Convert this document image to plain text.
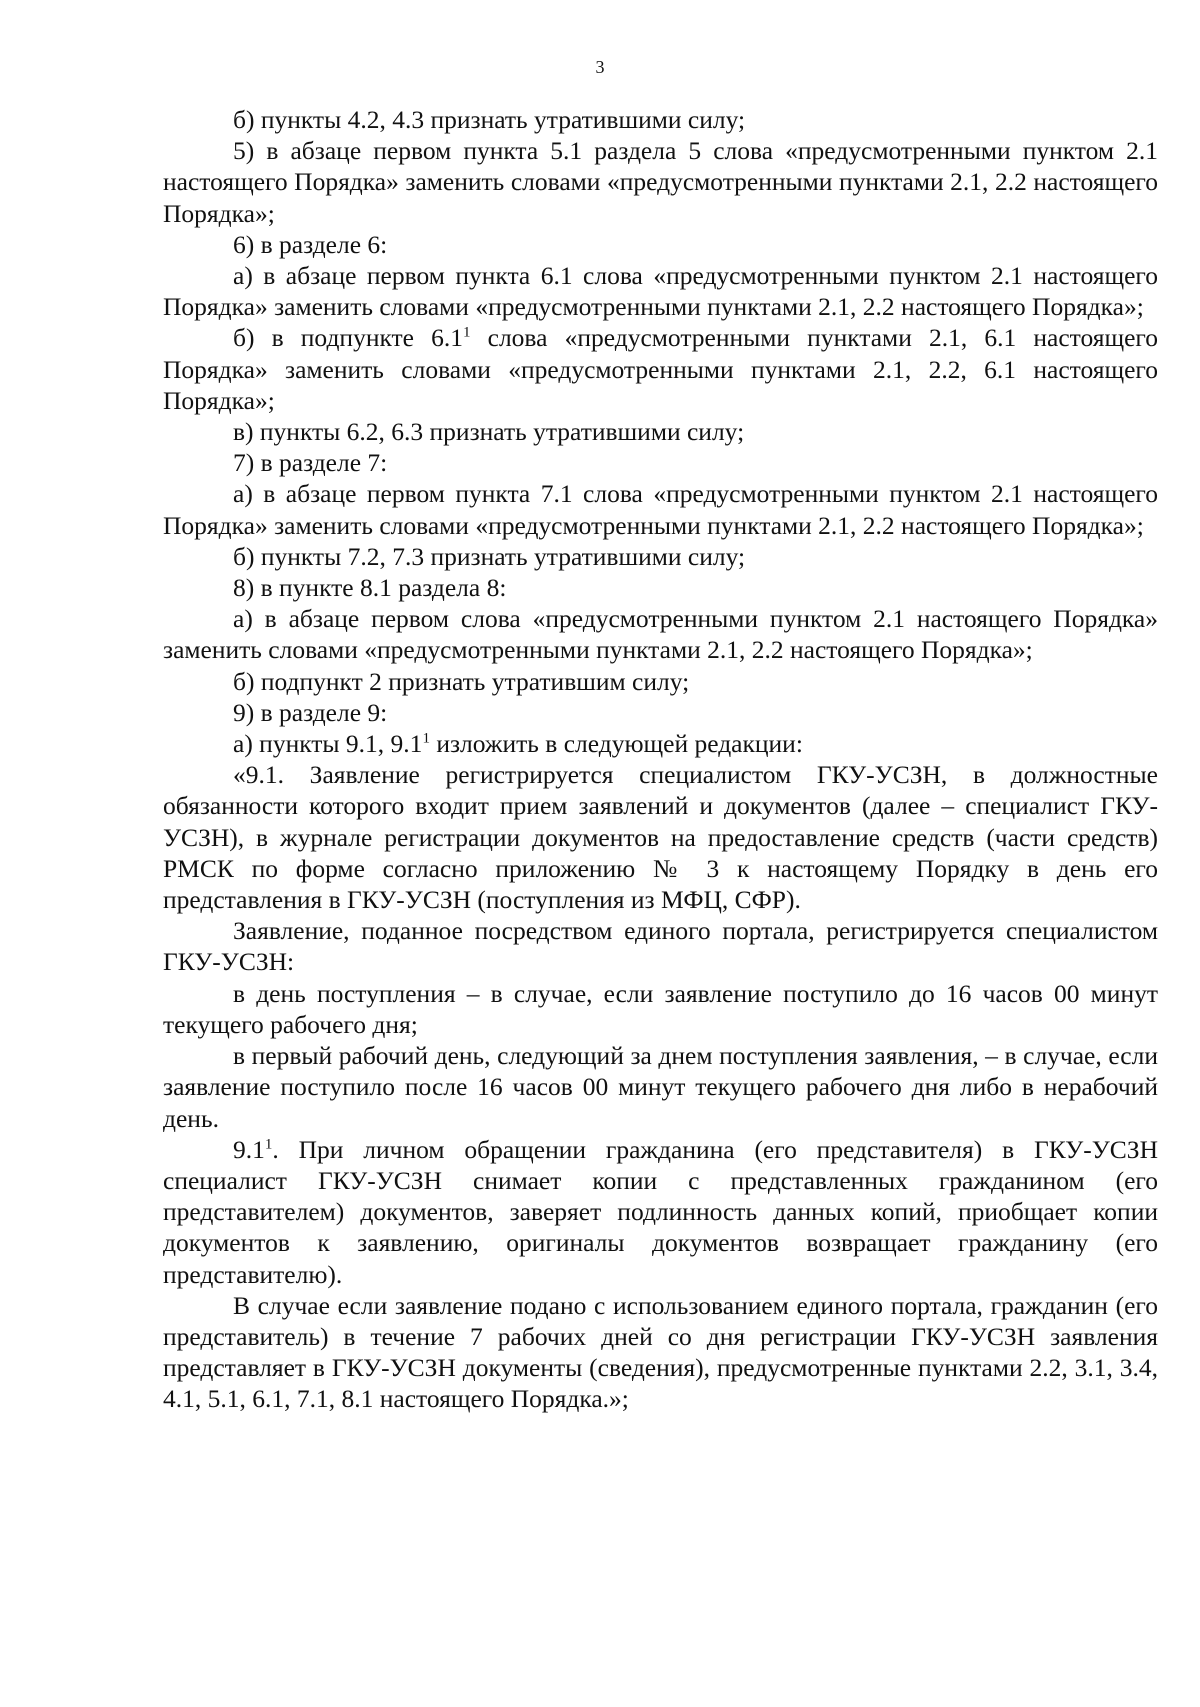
3

б) пункты 4.2, 4.3 признать утратившими силу;

5) в абзаце первом пункта 5.1 раздела 5 слова «предусмотренными пунктом 2.1 настоящего Порядка» заменить словами «предусмотренными пунктами 2.1, 2.2 настоящего Порядка»;

6) в разделе 6:

а) в абзаце первом пункта 6.1 слова «предусмотренными пунктом 2.1 настоящего Порядка» заменить словами «предусмотренными пунктами 2.1, 2.2 настоящего Порядка»;

б) в подпункте $6.1^1$ слова «предусмотренными пунктами 2.1, 6.1 настоящего Порядка» заменить словами «предусмотренными пунктами 2.1, 2.2, 6.1 настоящего Порядка»;

в) пункты 6.2, 6.3 признать утратившими силу;

7) в разделе 7:

а) в абзаце первом пункта 7.1 слова «предусмотренными пунктом 2.1 настоящего Порядка» заменить словами «предусмотренными пунктами 2.1, 2.2 настоящего Порядка»;

б) пункты 7.2, 7.3 признать утратившими силу;

8) в пункте 8.1 раздела 8:

а) в абзаце первом слова «предусмотренными пунктом 2.1 настоящего Порядка» заменить словами «предусмотренными пунктами 2.1, 2.2 настоящего Порядка»;

б) подпункт 2 признать утратившим силу;

9) в разделе 9:

а) пункты 9.1, $9.1^1$ изложить в следующей редакции:

«9.1. Заявление регистрируется специалистом ГКУ-УСЗН, в должностные обязанности которого входит прием заявлений и документов (далее – специалист ГКУ-УСЗН), в журнале регистрации документов на предоставление средств (части средств) РМСК по форме согласно приложению № 3 к настоящему Порядку в день его представления в ГКУ-УСЗН (поступления из МФЦ, СФР).

Заявление, поданное посредством единого портала, регистрируется специалистом ГКУ-УСЗН:

в день поступления – в случае, если заявление поступило до 16 часов 00 минут текущего рабочего дня;

в первый рабочий день, следующий за днем поступления заявления, – в случае, если заявление поступило после 16 часов 00 минут текущего рабочего дня либо в нерабочий день.

$9.1^1$. При личном обращении гражданина (его представителя) в ГКУ-УСЗН специалист ГКУ-УСЗН снимает копии с представленных гражданином (его представителем) документов, заверяет подлинность данных копий, приобщает копии документов к заявлению, оригиналы документов возвращает гражданину (его представителю).

В случае если заявление подано с использованием единого портала, гражданин (его представитель) в течение 7 рабочих дней со дня регистрации ГКУ-УСЗН заявления представляет в ГКУ-УСЗН документы (сведения), предусмотренные пунктами 2.2, 3.1, 3.4, 4.1, 5.1, 6.1, 7.1, 8.1 настоящего Порядка.»;
